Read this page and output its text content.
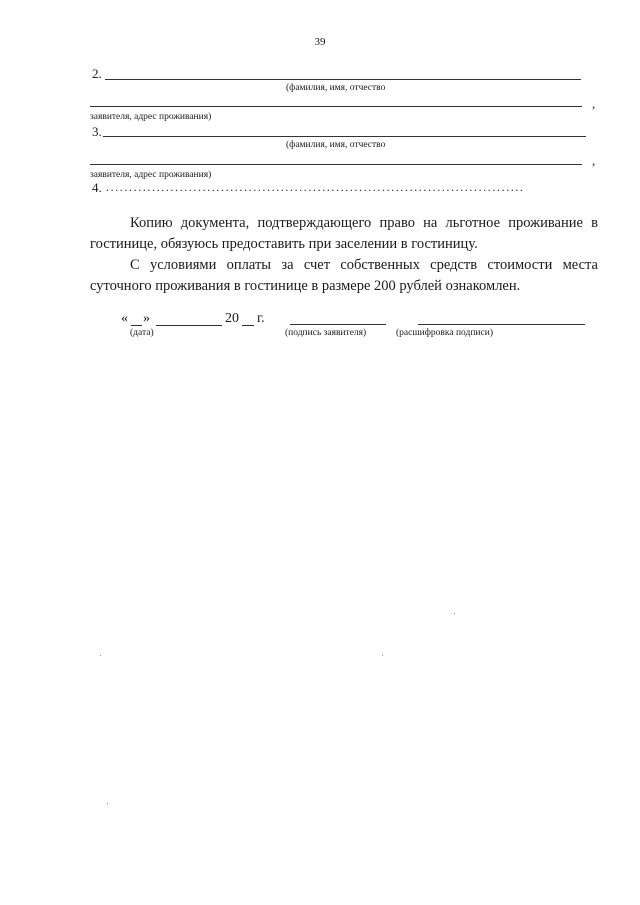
39
2.
(фамилия, имя, отчество
,
заявителя, адрес проживания)
3.
(фамилия, имя, отчество
,
заявителя, адрес проживания)
4. ...........................................................................................

Копию документа, подтверждающего право на льготное проживание в гостинице, обязуюсь предоставить при заселении в гостиницу.

С условиями оплаты за счет собственных средств стоимости места суточного проживания в гостинице в размере 200 рублей ознакомлен.

« »	20 г.
(дата)	(подпись заявителя)	(расшифровка подписи)
